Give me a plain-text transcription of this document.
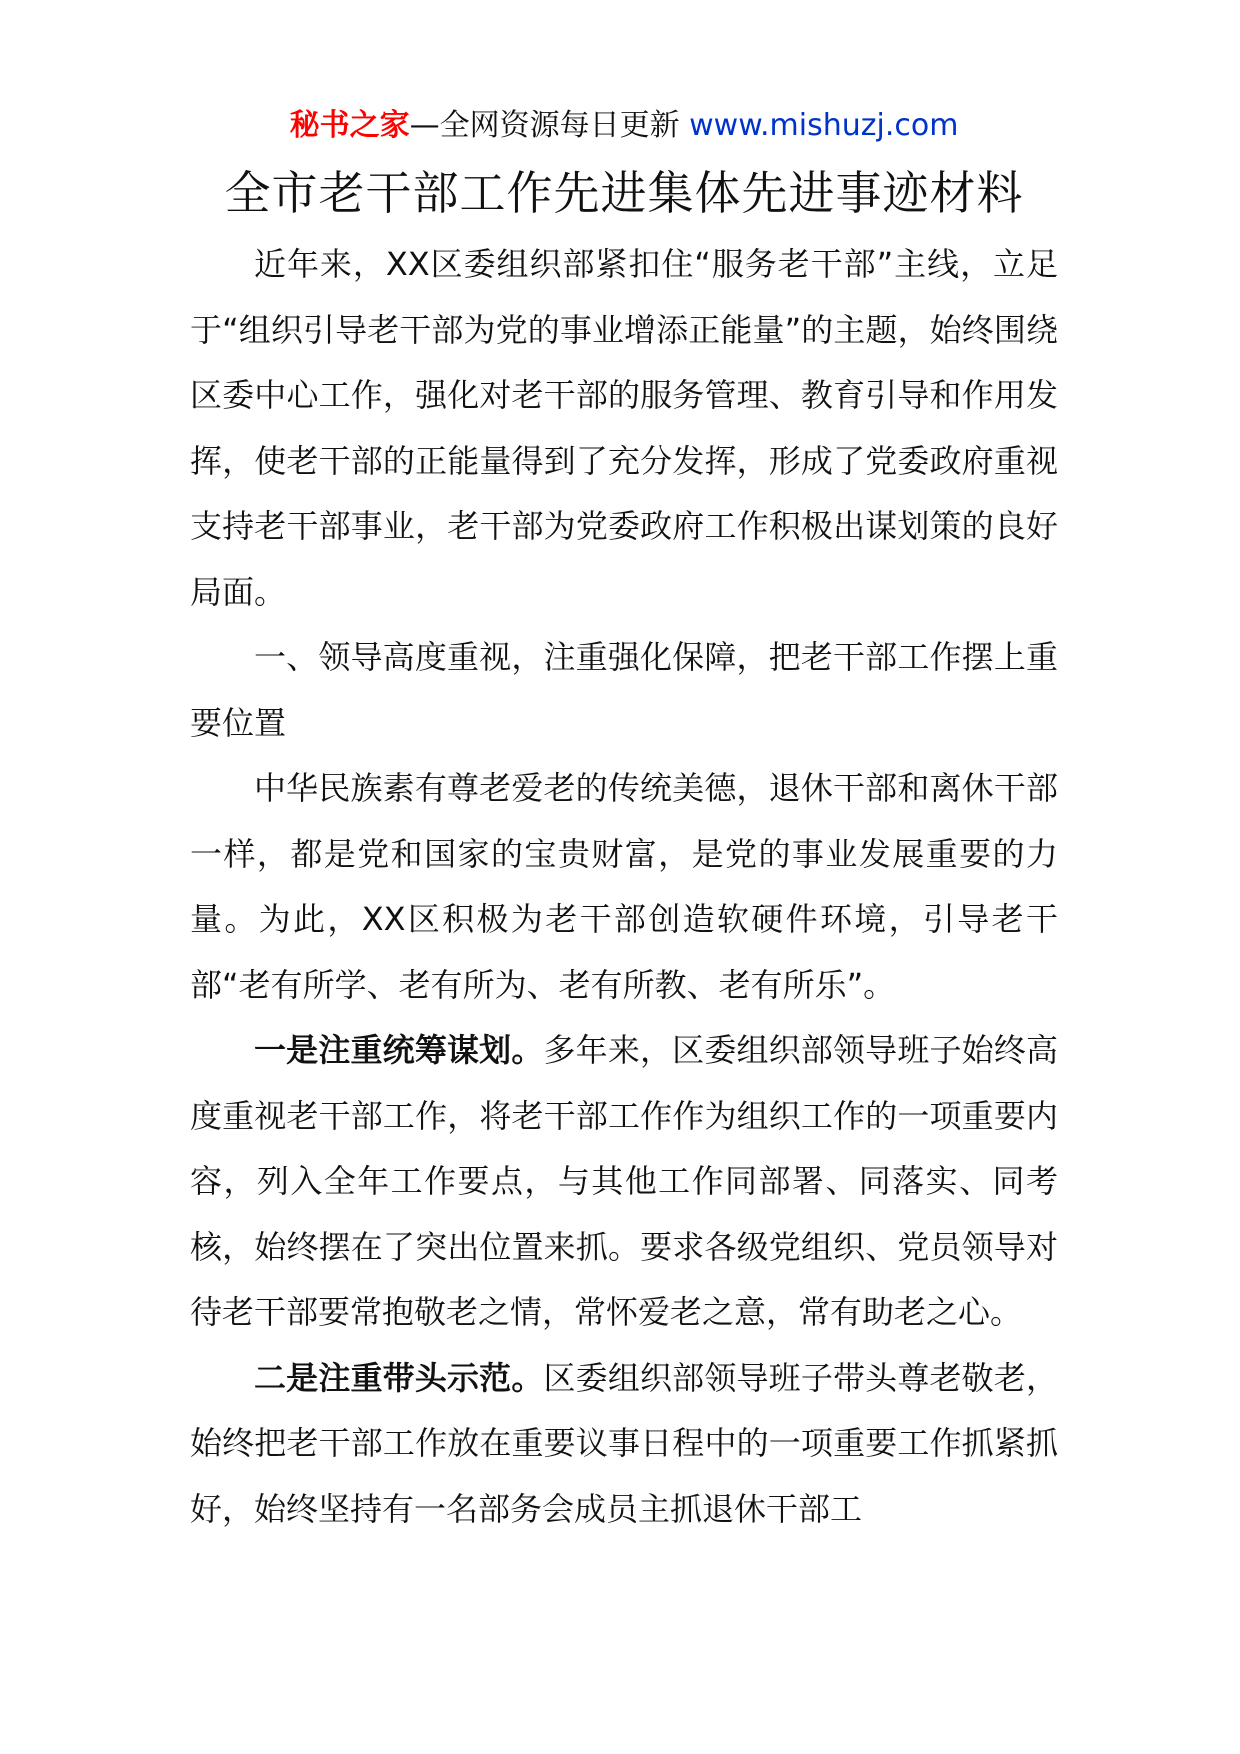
秘书之家—全网资源每日更新 www.mishuzj.com
全市老干部工作先进集体先进事迹材料

近年来，XX区委组织部紧扣住“服务老干部”主线，立足于“组织引导老干部为党的事业增添正能量”的主题，始终围绕区委中心工作，强化对老干部的服务管理、教育引导和作用发挥，使老干部的正能量得到了充分发挥，形成了党委政府重视支持老干部事业，老干部为党委政府工作积极出谋划策的良好局面。

一、领导高度重视，注重强化保障，把老干部工作摆上重要位置

中华民族素有尊老爱老的传统美德，退休干部和离休干部一样，都是党和国家的宝贵财富，是党的事业发展重要的力量。为此，XX区积极为老干部创造软硬件环境，引导老干部“老有所学、老有所为、老有所教、老有所乐”。

一是注重统筹谋划。多年来，区委组织部领导班子始终高度重视老干部工作，将老干部工作作为组织工作的一项重要内容，列入全年工作要点，与其他工作同部署、同落实、同考核，始终摆在了突出位置来抓。要求各级党组织、党员领导对待老干部要常抱敬老之情，常怀爱老之意，常有助老之心。

二是注重带头示范。区委组织部领导班子带头尊老敬老，始终把老干部工作放在重要议事日程中的一项重要工作抓紧抓好，始终坚持有一名部务会成员主抓退休干部工
